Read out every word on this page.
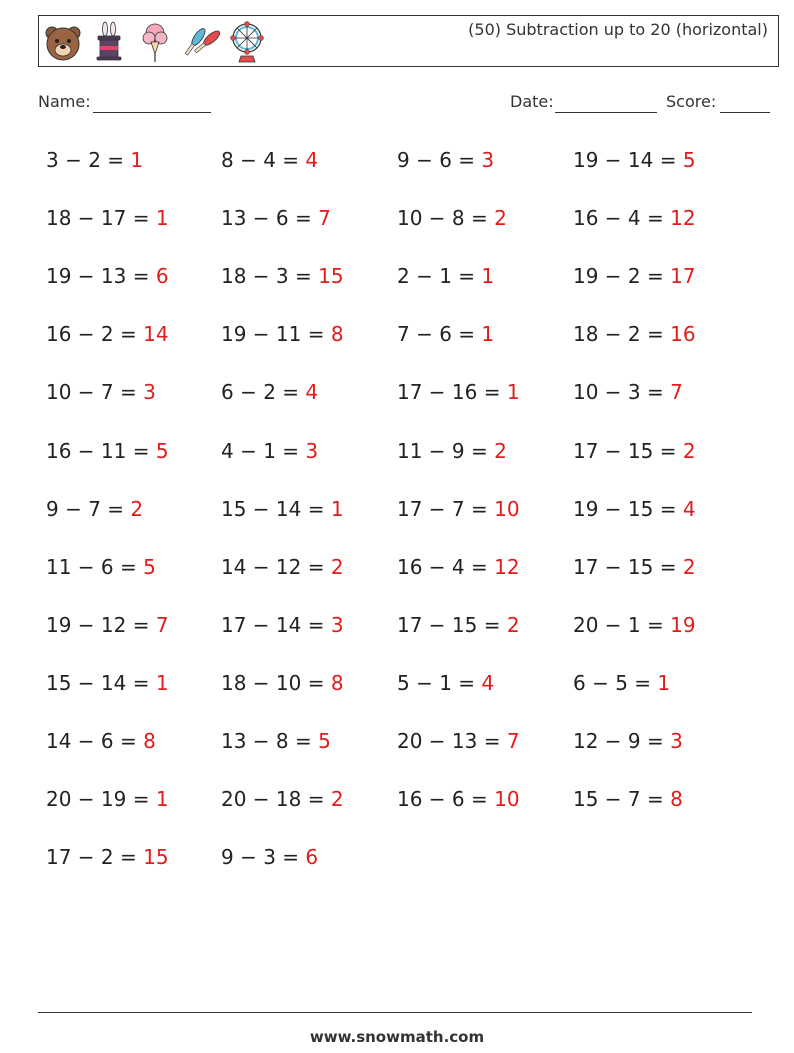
(50) Subtraction up to 20 (horizontal)
Name:	Date:	Score:
3 − 2 = 1
18 − 17 = 1
19 − 13 = 6
16 − 2 = 14
10 − 7 = 3
16 − 11 = 5
9 − 7 = 2
11 − 6 = 5
19 − 12 = 7
15 − 14 = 1
14 − 6 = 8
20 − 19 = 1
17 − 2 = 15
8 − 4 = 4
13 − 6 = 7
18 − 3 = 15
19 − 11 = 8
6 − 2 = 4
4 − 1 = 3
15 − 14 = 1
14 − 12 = 2
17 − 14 = 3
18 − 10 = 8
13 − 8 = 5
20 − 18 = 2
9 − 3 = 6
9 − 6 = 3
10 − 8 = 2
2 − 1 = 1
7 − 6 = 1
17 − 16 = 1
11 − 9 = 2
17 − 7 = 10
16 − 4 = 12
17 − 15 = 2
5 − 1 = 4
20 − 13 = 7
16 − 6 = 10
19 − 14 = 5
16 − 4 = 12
19 − 2 = 17
18 − 2 = 16
10 − 3 = 7
17 − 15 = 2
19 − 15 = 4
17 − 15 = 2
20 − 1 = 19
6 − 5 = 1
12 − 9 = 3
15 − 7 = 8
www.snowmath.com
